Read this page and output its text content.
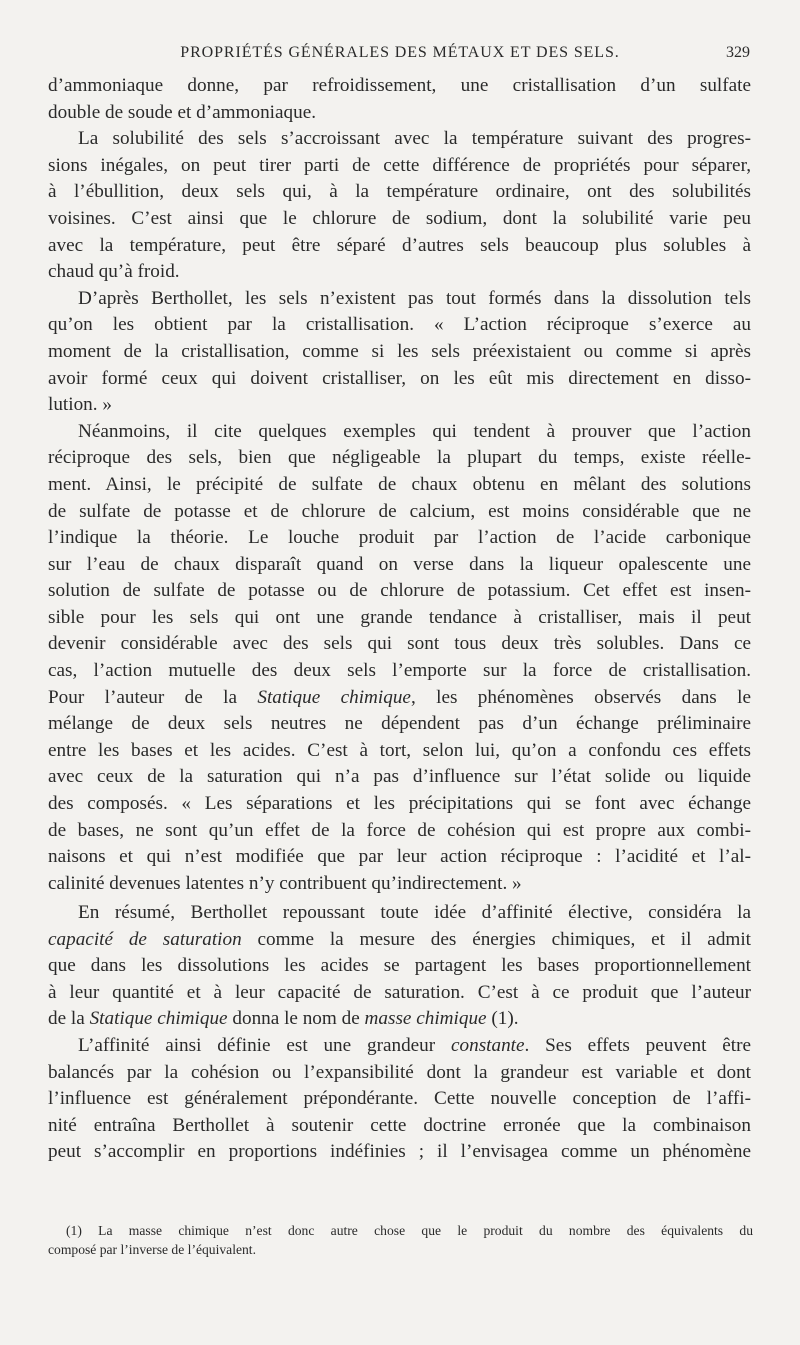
PROPRIÉTÉS GÉNÉRALES DES MÉTAUX ET DES SELS.	329
d’ammoniaque donne, par refroidissement, une cristallisation d’un sulfate
double de soude et d’ammoniaque.
La solubilité des sels s’accroissant avec la température suivant des progres-
sions inégales, on peut tirer parti de cette différence de propriétés pour séparer,
à l’ébullition, deux sels qui, à la température ordinaire, ont des solubilités
voisines. C’est ainsi que le chlorure de sodium, dont la solubilité varie peu
avec la température, peut être séparé d’autres sels beaucoup plus solubles à
chaud qu’à froid.
D’après Berthollet, les sels n’existent pas tout formés dans la dissolution tels
qu’on les obtient par la cristallisation. « L’action réciproque s’exerce au
moment de la cristallisation, comme si les sels préexistaient ou comme si après
avoir formé ceux qui doivent cristalliser, on les eût mis directement en disso-
lution. »
Néanmoins, il cite quelques exemples qui tendent à prouver que l’action
réciproque des sels, bien que négligeable la plupart du temps, existe réelle-
ment. Ainsi, le précipité de sulfate de chaux obtenu en mêlant des solutions
de sulfate de potasse et de chlorure de calcium, est moins considérable que ne
l’indique la théorie. Le louche produit par l’action de l’acide carbonique
sur l’eau de chaux disparaît quand on verse dans la liqueur opalescente une
solution de sulfate de potasse ou de chlorure de potassium. Cet effet est insen-
sible pour les sels qui ont une grande tendance à cristalliser, mais il peut
devenir considérable avec des sels qui sont tous deux très solubles. Dans ce
cas, l’action mutuelle des deux sels l’emporte sur la force de cristallisation.
Pour l’auteur de la Statique chimique, les phénomènes observés dans le
mélange de deux sels neutres ne dépendent pas d’un échange préliminaire
entre les bases et les acides. C’est à tort, selon lui, qu’on a confondu ces effets
avec ceux de la saturation qui n’a pas d’influence sur l’état solide ou liquide
des composés. « Les séparations et les précipitations qui se font avec échange
de bases, ne sont qu’un effet de la force de cohésion qui est propre aux combi-
naisons et qui n’est modifiée que par leur action réciproque : l’acidité et l’al-
calinité devenues latentes n’y contribuent qu’indirectement. »
En résumé, Berthollet repoussant toute idée d’affinité élective, considéra la
capacité de saturation comme la mesure des énergies chimiques, et il admit
que dans les dissolutions les acides se partagent les bases proportionnellement
à leur quantité et à leur capacité de saturation. C’est à ce produit que l’auteur
de la Statique chimique donna le nom de masse chimique (1).
L’affinité ainsi définie est une grandeur constante. Ses effets peuvent être
balancés par la cohésion ou l’expansibilité dont la grandeur est variable et dont
l’influence est généralement prépondérante. Cette nouvelle conception de l’affi-
nité entraîna Berthollet à soutenir cette doctrine erronée que la combinaison
peut s’accomplir en proportions indéfinies ; il l’envisagea comme un phénomène
(1) La masse chimique n’est donc autre chose que le produit du nombre des équivalents du
composé par l’inverse de l’équivalent.
